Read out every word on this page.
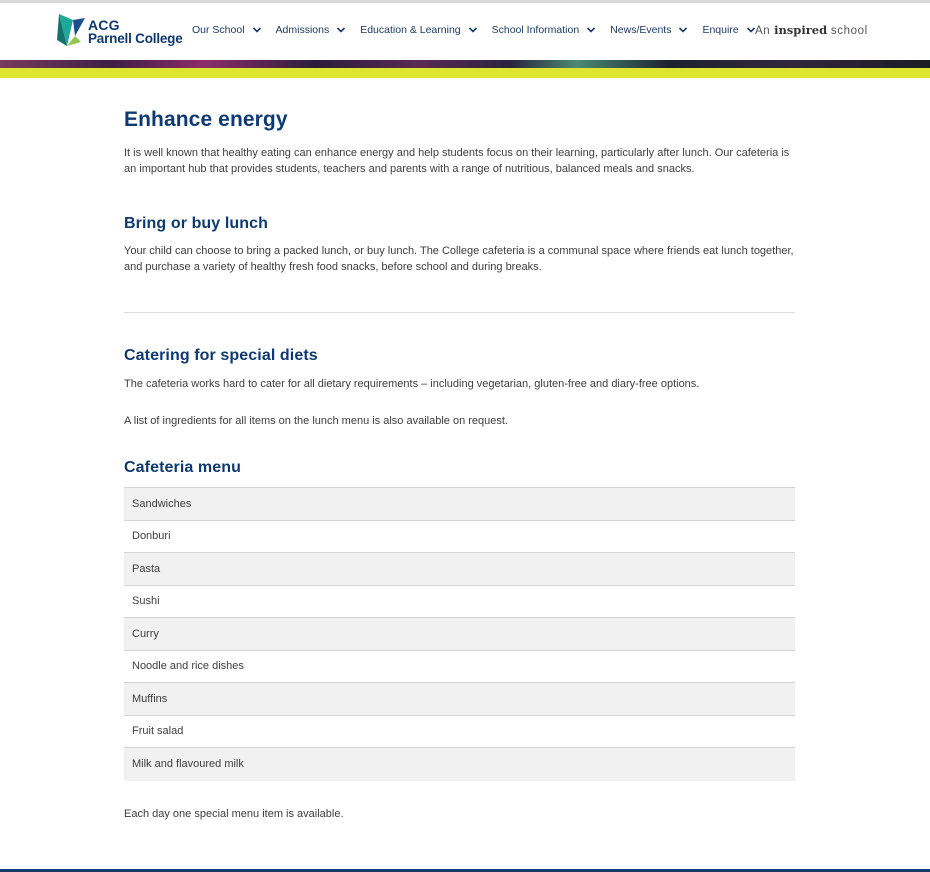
ACG
Parnell College
Our School	Admissions	Education & Learning	School Information	News/Events	Enquire An inspired school
Enhance energy

It is well known that healthy eating can enhance energy and help students focus on their learning, particularly after lunch. Our cafeteria is an important hub that provides students, teachers and parents with a range of nutritious, balanced meals and snacks.

Bring or buy lunch

Your child can choose to bring a packed lunch, or buy lunch. The College cafeteria is a communal space where friends eat lunch together, and purchase a variety of healthy fresh food snacks, before school and during breaks.

Catering for special diets

The cafeteria works hard to cater for all dietary requirements – including vegetarian, gluten-free and diary-free options.

A list of ingredients for all items on the lunch menu is also available on request.

Cafeteria menu
Sandwiches
Donburi
Pasta
Sushi
Curry
Noodle and rice dishes
Muffins
Fruit salad
Milk and flavoured milk

Each day one special menu item is available.
